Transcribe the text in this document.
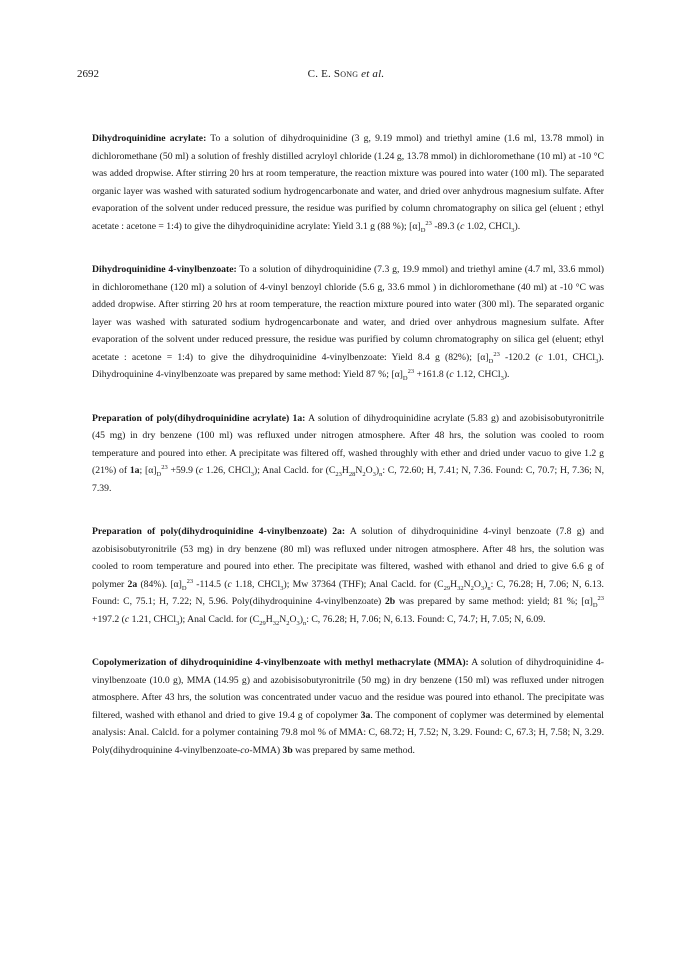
2692	C. E. Song et al.

Dihydroquinidine acrylate: To a solution of dihydroquinidine (3 g, 9.19 mmol) and triethyl amine (1.6 ml, 13.78 mmol) in dichloromethane (50 ml) a solution of freshly distilled acryloyl chloride (1.24 g, 13.78 mmol) in dichloromethane (10 ml) at -10 °C was added dropwise. After stirring 20 hrs at room temperature, the reaction mixture was poured into water (100 ml). The separated organic layer was washed with saturated sodium hydrogencarbonate and water, and dried over anhydrous magnesium sulfate. After evaporation of the solvent under reduced pressure, the residue was purified by column chromatography on silica gel (eluent ; ethyl acetate : acetone = 1:4) to give the dihydroquinidine acrylate: Yield 3.1 g (88 %); $[\alpha]_D^{23}$ -89.3 (c 1.02, CHCl$_3$).

Dihydroquinidine 4-vinylbenzoate: To a solution of dihydroquinidine (7.3 g, 19.9 mmol) and triethyl amine (4.7 ml, 33.6 mmol) in dichloromethane (120 ml) a solution of 4-vinyl benzoyl chloride (5.6 g, 33.6 mmol ) in dichloromethane (40 ml) at -10 °C was added dropwise. After stirring 20 hrs at room temperature, the reaction mixture poured into water (300 ml). The separated organic layer was washed with saturated sodium hydrogencarbonate and water, and dried over anhydrous magnesium sulfate. After evaporation of the solvent under reduced pressure, the residue was purified by column chromatography on silica gel (eluent; ethyl acetate : acetone = 1:4) to give the dihydroquinidine 4-vinylbenzoate: Yield 8.4 g (82%); $[\alpha]_D^{23}$ -120.2 (c 1.01, CHCl$_3$). Dihydroquinine 4-vinylbenzoate was prepared by same method: Yield 87 %; $[\alpha]_D^{23} +161.8$ (c 1.12, CHCl$_3$).

Preparation of poly(dihydroquinidine acrylate) 1a: A solution of dihydroquinidine acrylate (5.83 g) and azobisisobutyronitrile (45 mg) in dry benzene (100 ml) was refluxed under nitrogen atmosphere. After 48 hrs, the solution was cooled to room temperature and poured into ether. A precipitate was filtered off, washed throughly with ether and dried under vacuo to give 1.2 g (21%) of 1a; $[\alpha]_D^{23} +59.9$ (c 1.26, CHCl$_3$); Anal Cacld. for $(C_{23}H_{28}N_2O_3)_n$: C, 72.60; H, 7.41; N, 7.36. Found: C, 70.7; H, 7.36; N, 7.39.

Preparation of poly(dihydroquinidine 4-vinylbenzoate) 2a: A solution of dihydroquinidine 4-vinyl benzoate (7.8 g) and azobisisobutyronitrile (53 mg) in dry benzene (80 ml) was refluxed under nitrogen atmosphere. After 48 hrs, the solution was cooled to room temperature and poured into ether. The precipitate was filtered, washed with ethanol and dried to give 6.6 g of polymer 2a (84%). $[\alpha]_D^{23}$ -114.5 (c 1.18, CHCl$_3$); Mw 37364 (THF); Anal Cacld. for $(C_{29}H_{32}N_2O_3)_n$: C, 76.28; H, 7.06; N, 6.13. Found: C, 75.1; H, 7.22; N, 5.96. Poly(dihydroquinine 4-vinylbenzoate) 2b was prepared by same method: yield; 81 %; $[\alpha]_D^{23} +197.2$ (c 1.21, CHCl$_3$); Anal Cacld. for $(C_{29}H_{32}N_2O_3)_n$: C, 76.28; H, 7.06; N, 6.13. Found: C, 74.7; H, 7.05; N, 6.09.

Copolymerization of dihydroquinidine 4-vinylbenzoate with methyl methacrylate (MMA): A solution of dihydroquinidine 4-vinylbenzoate (10.0 g), MMA (14.95 g) and azobisisobutyronitrile (50 mg) in dry benzene (150 ml) was refluxed under nitrogen atmosphere. After 43 hrs, the solution was concentrated under vacuo and the residue was poured into ethanol. The precipitate was filtered, washed with ethanol and dried to give 19.4 g of copolymer 3a. The component of coplymer was determined by elemental analysis: Anal. Calcld. for a polymer containing 79.8 mol % of MMA: C, 68.72; H, 7.52; N, 3.29. Found: C, 67.3; H, 7.58; N, 3.29. Poly(dihydroquinine 4-vinylbenzoate-co-MMA) 3b was prepared by same method.
